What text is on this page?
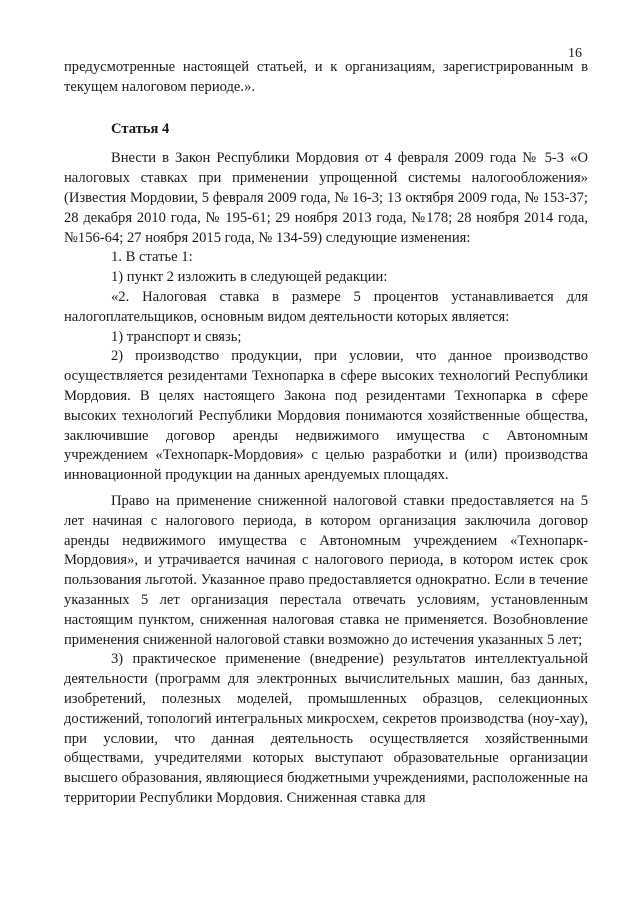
16

предусмотренные настоящей статьей, и к организациям, зарегистрированным в текущем налоговом периоде.».

Статья 4

Внести в Закон Республики Мордовия от 4 февраля 2009 года № 5-З «О налоговых ставках при применении упрощенной системы налогообложения» (Известия Мордовии, 5 февраля 2009 года, № 16-3; 13 октября 2009 года, № 153-37; 28 декабря 2010 года, № 195-61; 29 ноября 2013 года, №178; 28 ноября 2014 года, №156-64; 27 ноября 2015 года, № 134-59) следующие изменения:

1. В статье 1:

1) пункт 2 изложить в следующей редакции:

«2. Налоговая ставка в размере 5 процентов устанавливается для налогоплательщиков, основным видом деятельности которых является:

1) транспорт и связь;

2) производство продукции, при условии, что данное производство осуществляется резидентами Технопарка в сфере высоких технологий Республики Мордовия. В целях настоящего Закона под резидентами Технопарка в сфере высоких технологий Республики Мордовия понимаются хозяйственные общества, заключившие договор аренды недвижимого имущества с Автономным учреждением «Технопарк-Мордовия» с целью разработки и (или) производства инновационной продукции на данных арендуемых площадях.

Право на применение сниженной налоговой ставки предоставляется на 5 лет начиная с налогового периода, в котором организация заключила договор аренды недвижимого имущества с Автономным учреждением «Технопарк-Мордовия», и утрачивается начиная с налогового периода, в котором истек срок пользования льготой. Указанное право предоставляется однократно. Если в течение указанных 5 лет организация перестала отвечать условиям, установленным настоящим пунктом, сниженная налоговая ставка не применяется. Возобновление применения сниженной налоговой ставки возможно до истечения указанных 5 лет;

3) практическое применение (внедрение) результатов интеллектуальной деятельности (программ для электронных вычислительных машин, баз данных, изобретений, полезных моделей, промышленных образцов, селекционных достижений, топологий интегральных микросхем, секретов производства (ноу-хау), при условии, что данная деятельность осуществляется хозяйственными обществами, учредителями которых выступают образовательные организации высшего образования, являющиеся бюджетными учреждениями, расположенные на территории Республики Мордовия. Сниженная ставка для
